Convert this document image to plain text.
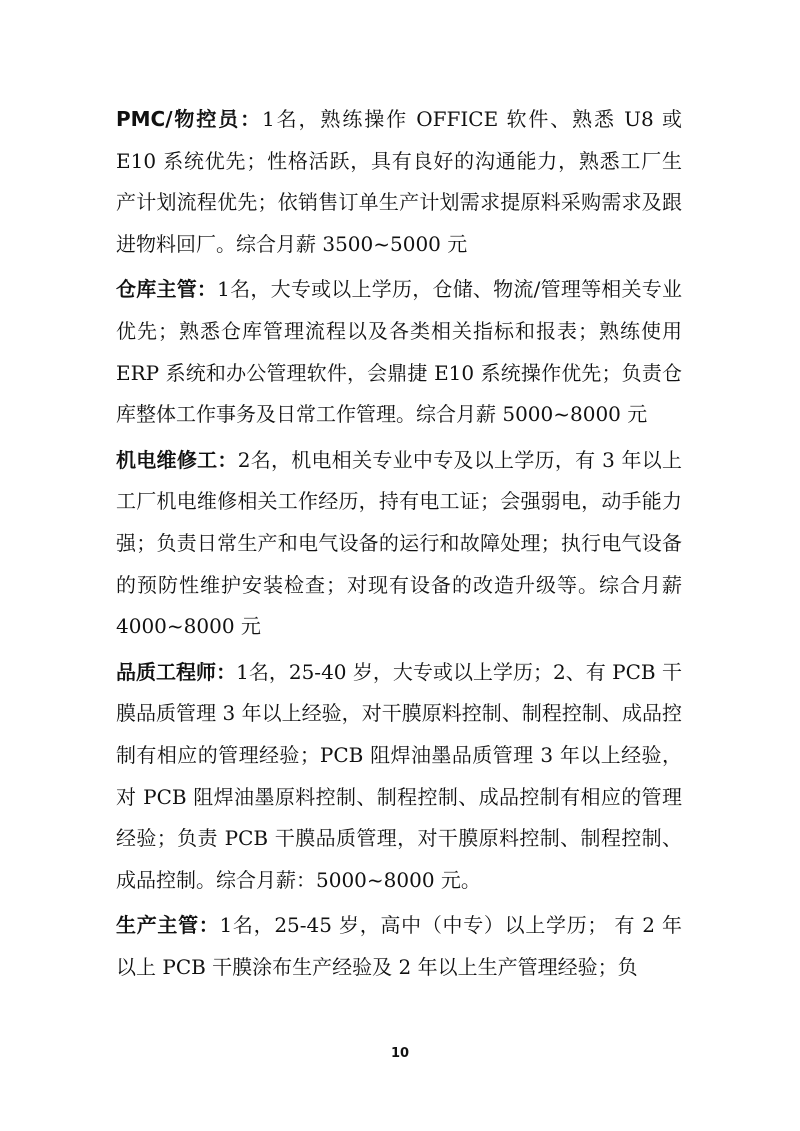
PMC/物控员：1名，熟练操作 OFFICE 软件、熟悉 U8 或 E10 系统优先；性格活跃，具有良好的沟通能力，熟悉工厂生产计划流程优先；依销售订单生产计划需求提原料采购需求及跟进物料回厂。综合月薪 3500~5000 元

仓库主管：1名，大专或以上学历，仓储、物流/管理等相关专业优先；熟悉仓库管理流程以及各类相关指标和报表；熟练使用 ERP 系统和办公管理软件，会鼎捷 E10 系统操作优先；负责仓库整体工作事务及日常工作管理。综合月薪 5000~8000 元

机电维修工：2名，机电相关专业中专及以上学历，有 3 年以上工厂机电维修相关工作经历，持有电工证；会强弱电，动手能力强；负责日常生产和电气设备的运行和故障处理；执行电气设备的预防性维护安装检查；对现有设备的改造升级等。综合月薪 4000~8000 元

品质工程师：1名，25-40 岁，大专或以上学历；2、有 PCB 干膜品质管理 3 年以上经验，对干膜原料控制、制程控制、成品控制有相应的管理经验；PCB 阻焊油墨品质管理 3 年以上经验，对 PCB 阻焊油墨原料控制、制程控制、成品控制有相应的管理经验；负责 PCB 干膜品质管理，对干膜原料控制、制程控制、成品控制。综合月薪：5000~8000 元。

生产主管：1名，25-45 岁，高中（中专）以上学历； 有 2 年以上 PCB 干膜涂布生产经验及 2 年以上生产管理经验；负

10
